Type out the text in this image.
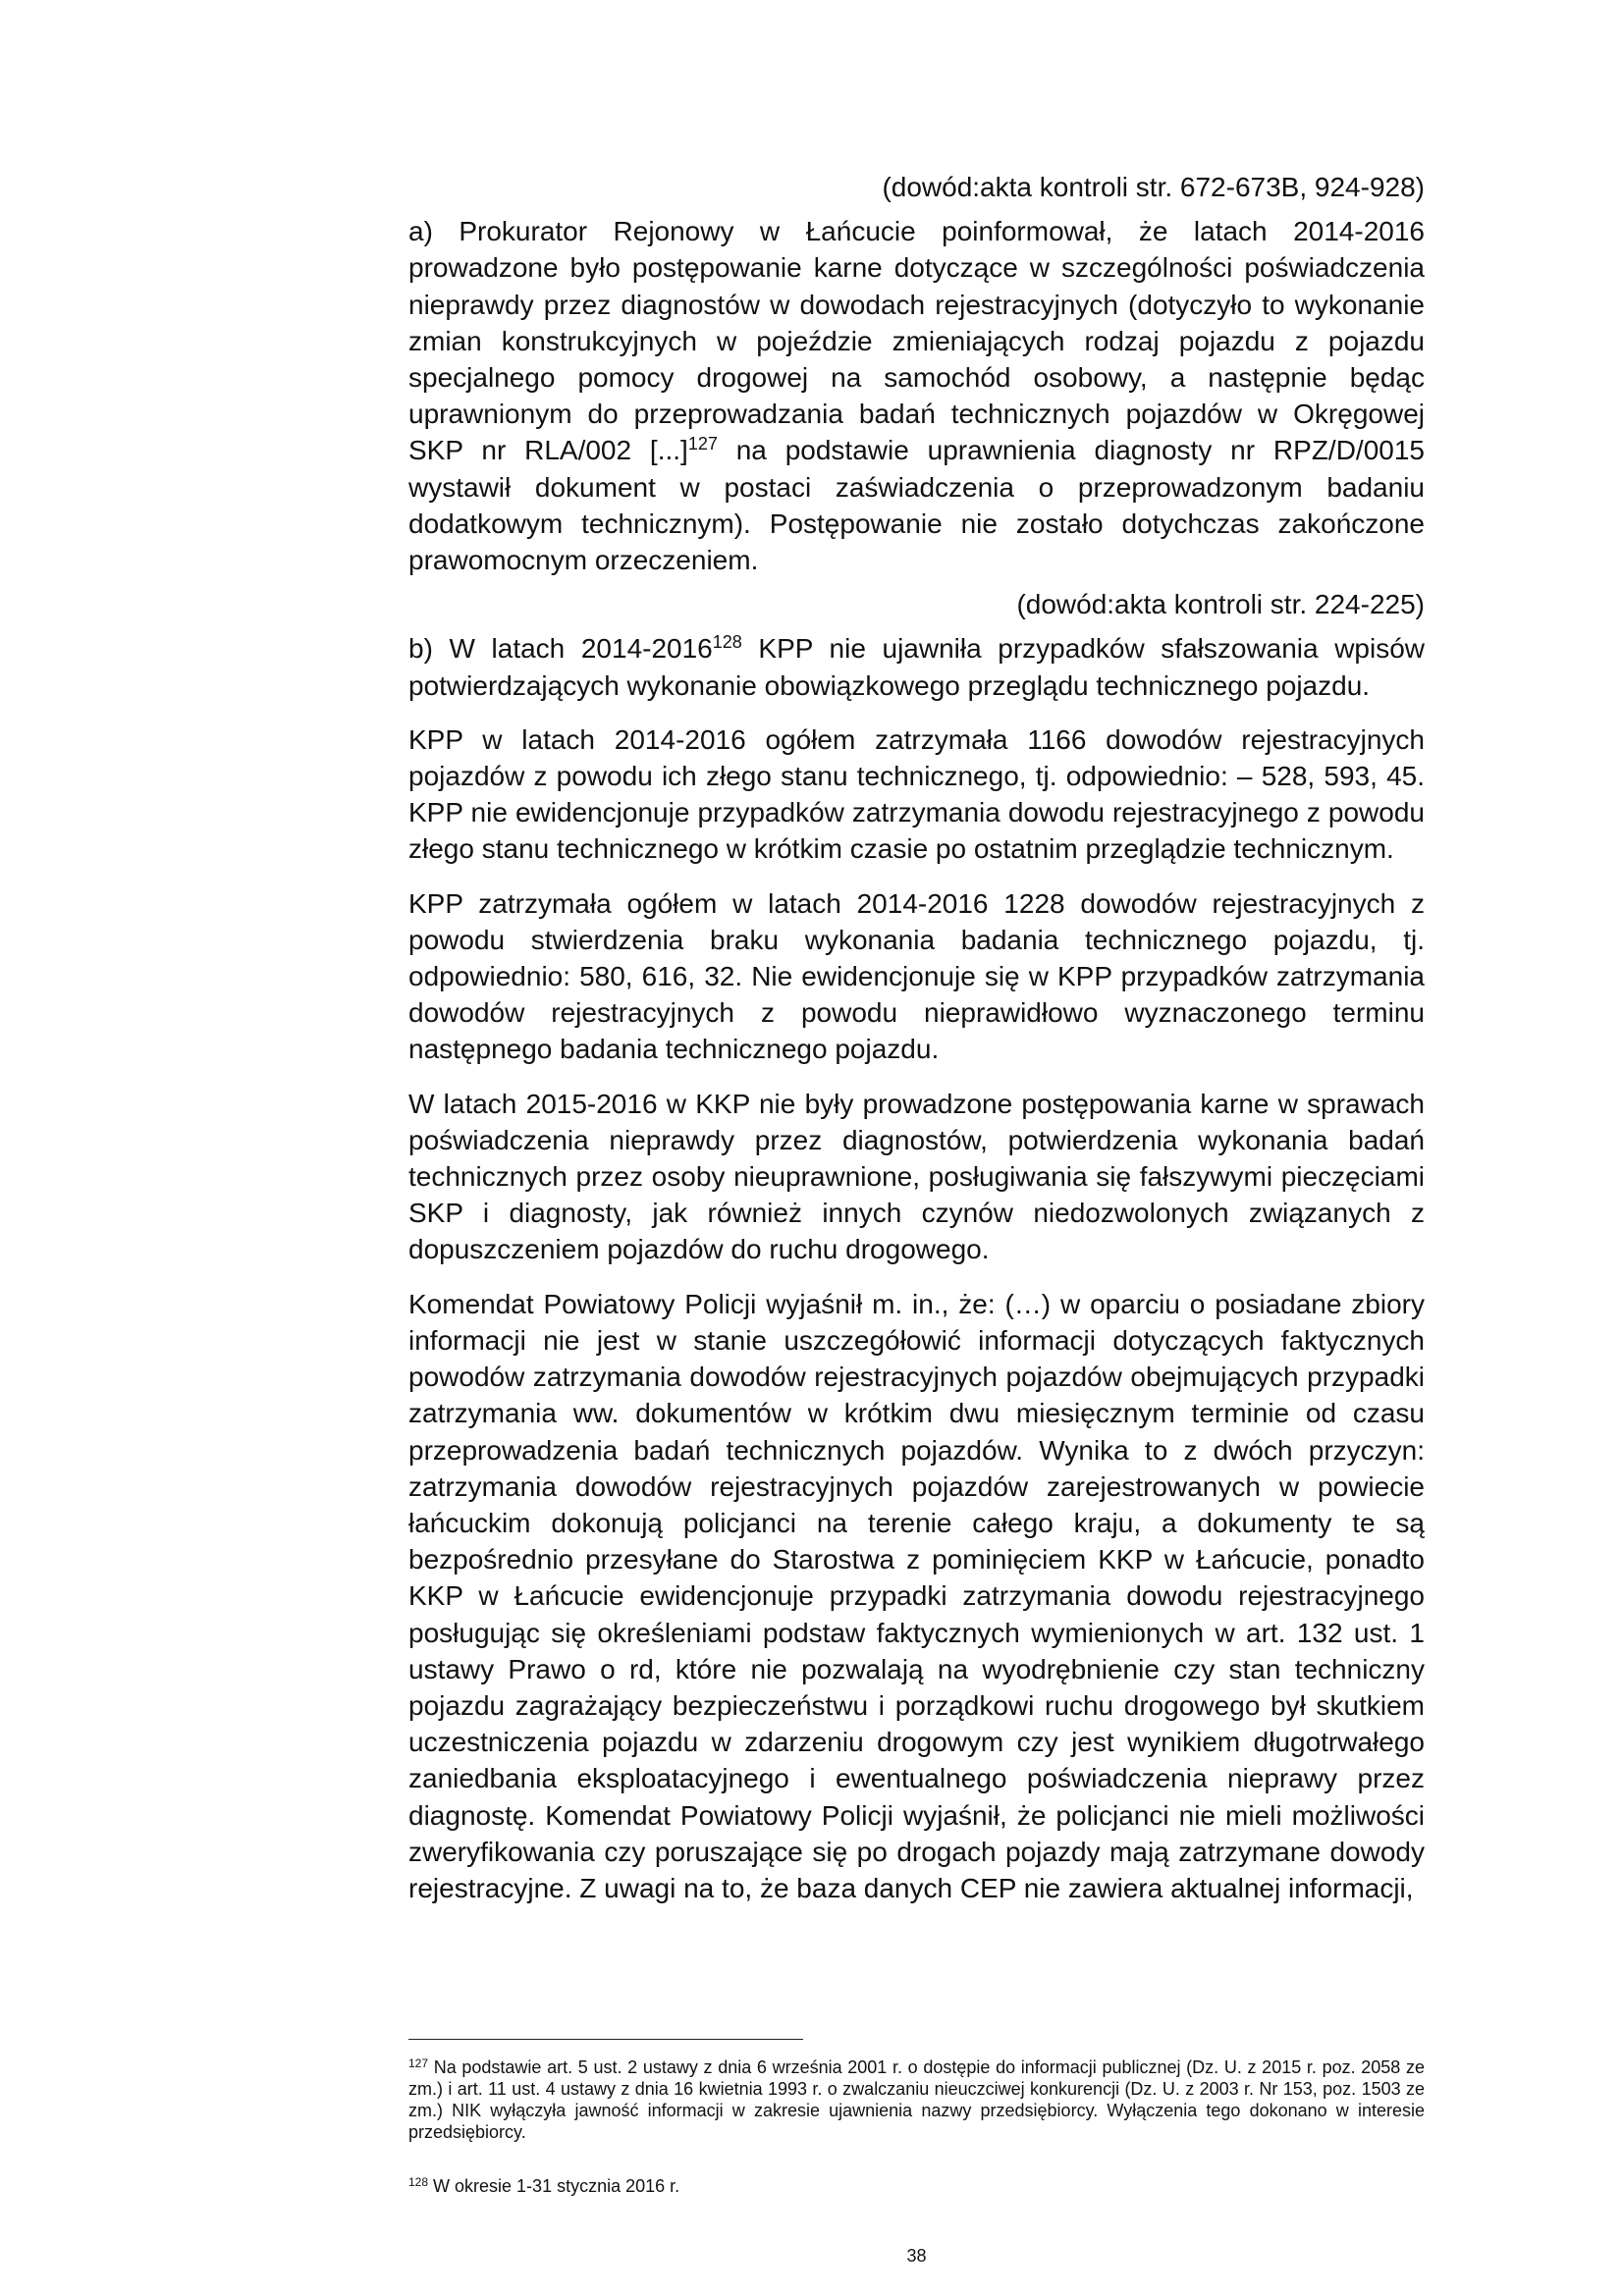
(dowód:akta kontroli str. 672-673B, 924-928)

a) Prokurator Rejonowy w Łańcucie poinformował, że latach 2014-2016 prowadzone było postępowanie karne dotyczące w szczególności poświadczenia nieprawdy przez diagnostów w dowodach rejestracyjnych (dotyczyło to wykonanie zmian konstrukcyjnych w pojeździe zmieniających rodzaj pojazdu z pojazdu specjalnego pomocy drogowej na samochód osobowy, a następnie będąc uprawnionym do przeprowadzania badań technicznych pojazdów w Okręgowej SKP nr RLA/002 [...]$^{127}$ na podstawie uprawnienia diagnosty nr RPZ/D/0015 wystawił dokument w postaci zaświadczenia o przeprowadzonym badaniu dodatkowym technicznym). Postępowanie nie zostało dotychczas zakończone prawomocnym orzeczeniem.

(dowód:akta kontroli str. 224-225)

b) W latach 2014-2016$^{128}$ KPP nie ujawniła przypadków sfałszowania wpisów potwierdzających wykonanie obowiązkowego przeglądu technicznego pojazdu.

KPP w latach 2014-2016 ogółem zatrzymała 1166 dowodów rejestracyjnych pojazdów z powodu ich złego stanu technicznego, tj. odpowiednio: – 528, 593, 45. KPP nie ewidencjonuje przypadków zatrzymania dowodu rejestracyjnego z powodu złego stanu technicznego w krótkim czasie po ostatnim przeglądzie technicznym.

KPP zatrzymała ogółem w latach 2014-2016 1228 dowodów rejestracyjnych z powodu stwierdzenia braku wykonania badania technicznego pojazdu, tj. odpowiednio: 580, 616, 32. Nie ewidencjonuje się w KPP przypadków zatrzymania dowodów rejestracyjnych z powodu nieprawidłowo wyznaczonego terminu następnego badania technicznego pojazdu.

W latach 2015-2016 w KKP nie były prowadzone postępowania karne w sprawach poświadczenia nieprawdy przez diagnostów, potwierdzenia wykonania badań technicznych przez osoby nieuprawnione, posługiwania się fałszywymi pieczęciami SKP i diagnosty, jak również innych czynów niedozwolonych związanych z dopuszczeniem pojazdów do ruchu drogowego.

Komendat Powiatowy Policji wyjaśnił m. in., że: (…) w oparciu o posiadane zbiory informacji nie jest w stanie uszczegółowić informacji dotyczących faktycznych powodów zatrzymania dowodów rejestracyjnych pojazdów obejmujących przypadki zatrzymania ww. dokumentów w krótkim dwu miesięcznym terminie od czasu przeprowadzenia badań technicznych pojazdów. Wynika to z dwóch przyczyn: zatrzymania dowodów rejestracyjnych pojazdów zarejestrowanych w powiecie łańcuckim dokonują policjanci na terenie całego kraju, a dokumenty te są bezpośrednio przesyłane do Starostwa z pominięciem KKP w Łańcucie, ponadto KKP w Łańcucie ewidencjonuje przypadki zatrzymania dowodu rejestracyjnego posługując się określeniami podstaw faktycznych wymienionych w art. 132 ust. 1 ustawy Prawo o rd, które nie pozwalają na wyodrębnienie czy stan techniczny pojazdu zagrażający bezpieczeństwu i porządkowi ruchu drogowego był skutkiem uczestniczenia pojazdu w zdarzeniu drogowym czy jest wynikiem długotrwałego zaniedbania eksploatacyjnego i ewentualnego poświadczenia nieprawy przez diagnostę. Komendat Powiatowy Policji wyjaśnił, że policjanci nie mieli możliwości zweryfikowania czy poruszające się po drogach pojazdy mają zatrzymane dowody rejestracyjne. Z uwagi na to, że baza danych CEP nie zawiera aktualnej informacji,

$^{127}$ Na podstawie art. 5 ust. 2 ustawy z dnia 6 września 2001 r. o dostępie do informacji publicznej (Dz. U. z 2015 r. poz. 2058 ze zm.) i art. 11 ust. 4 ustawy z dnia 16 kwietnia 1993 r. o zwalczaniu nieuczciwej konkurencji (Dz. U. z 2003 r. Nr 153, poz. 1503 ze zm.) NIK wyłączyła jawność informacji w zakresie ujawnienia nazwy przedsiębiorcy. Wyłączenia tego dokonano w interesie przedsiębiorcy.
$^{128}$ W okresie 1-31 stycznia 2016 r.
38
